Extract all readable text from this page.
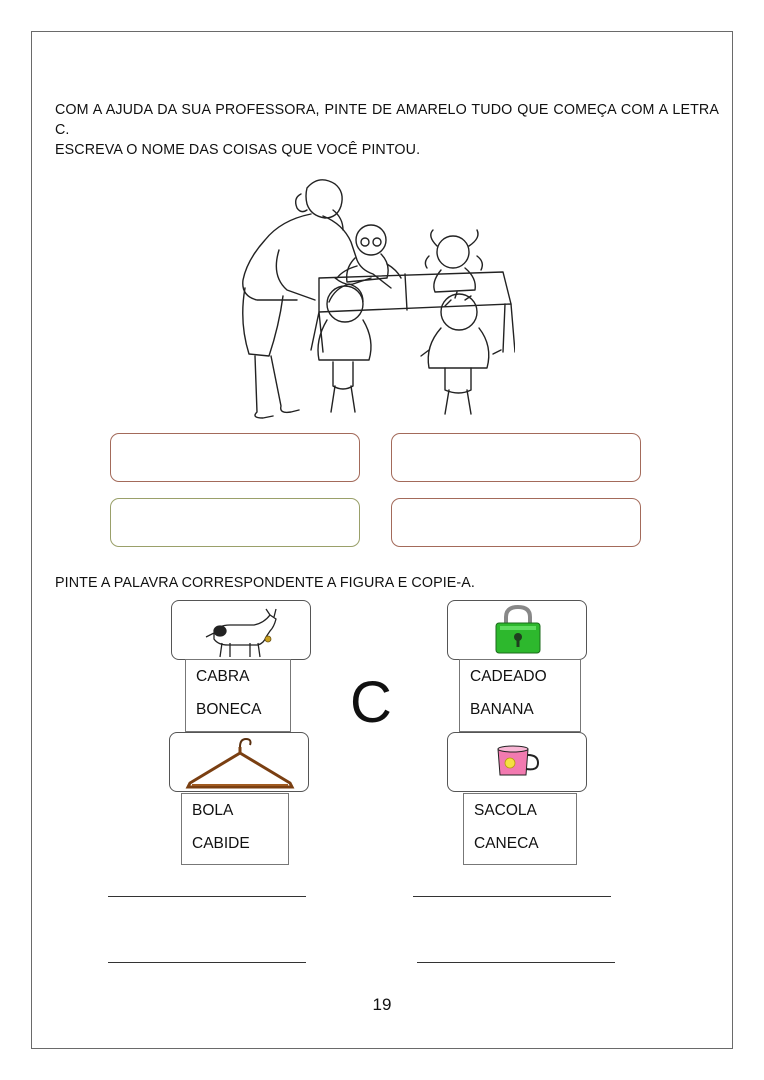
COM A AJUDA DA SUA PROFESSORA, PINTE DE AMARELO TUDO QUE COMEÇA COM A LETRA C.
ESCREVA O NOME DAS COISAS QUE VOCÊ PINTOU.
PINTE A PALAVRA CORRESPONDENTE A FIGURA E COPIE-A.
CABRA
BONECA
CADEADO
BANANA
BOLA
CABIDE
SACOLA
CANECA
C
19
